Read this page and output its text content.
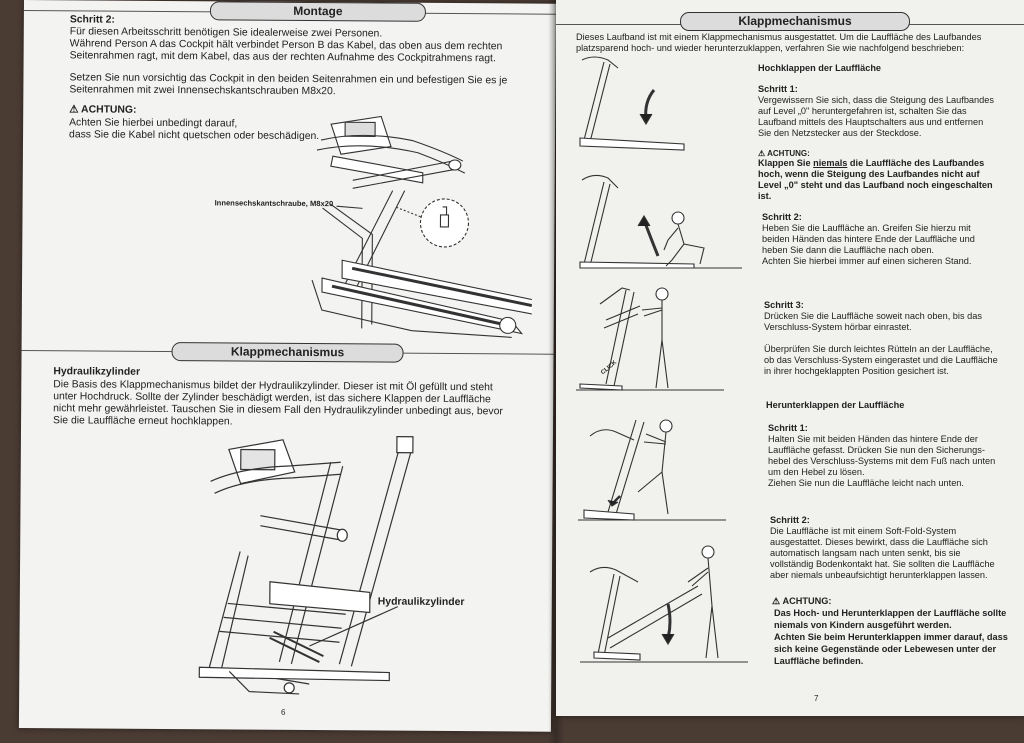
Montage
Schritt 2:
Für diesen Arbeitsschritt benötigen Sie idealerweise zwei Personen.
Während Person A das Cockpit hält verbindet Person B das Kabel, das oben aus dem rechten
Seitenrahmen ragt, mit dem Kabel, das aus der rechten Aufnahme des Cockpitrahmens ragt.
Setzen Sie nun vorsichtig das Cockpit in den beiden Seitenrahmen ein und befestigen Sie es je
Seitenrahmen mit zwei Innensechskantschrauben M8x20.
⚠ ACHTUNG:
Achten Sie hierbei unbedingt darauf,
dass Sie die Kabel nicht quetschen oder beschädigen.
Innensechskantschraube, M8x20
Klappmechanismus
Hydraulikzylinder
Die Basis des Klappmechanismus bildet der Hydraulikzylinder. Dieser ist mit Öl gefüllt und steht
unter Hochdruck. Sollte der Zylinder beschädigt werden, ist das sichere Klappen der Lauffläche
nicht mehr gewährleistet. Tauschen Sie in diesem Fall den Hydraulikzylinder unbedingt aus, bevor
Sie die Lauffläche erneut hochklappen.
Hydraulikzylinder
6
Klappmechanismus
Dieses Laufband ist mit einem Klappmechanismus ausgestattet. Um die Lauffläche des Laufbandes
platzsparend hoch- und wieder herunterzuklappen, verfahren Sie wie nachfolgend beschrieben:
Hochklappen der Lauffläche
Schritt 1:
Vergewissern Sie sich, dass die Steigung des Laufbandes
auf Level „0" heruntergefahren ist, schalten Sie das
Laufband mittels des Hauptschalters aus und entfernen
Sie den Netzstecker aus der Steckdose.
⚠ ACHTUNG:
Klappen Sie niemals die Lauffläche des Laufbandes
hoch, wenn die Steigung des Laufbandes nicht auf
Level „0" steht und das Laufband noch eingeschalten
ist.
Schritt 2:
Heben Sie die Lauffläche an. Greifen Sie hierzu mit
beiden Händen das hintere Ende der Lauffläche und
heben Sie dann die Lauffläche nach oben.
Achten Sie hierbei immer auf einen sicheren Stand.
Schritt 3:
Drücken Sie die Lauffläche soweit nach oben, bis das
Verschluss-System hörbar einrastet.
Überprüfen Sie durch leichtes Rütteln an der Lauffläche,
ob das Verschluss-System eingerastet und die Lauffläche
in ihrer hochgeklappten Position gesichert ist.
Herunterklappen der Lauffläche
Schritt 1:
Halten Sie mit beiden Händen das hintere Ende der
Lauffläche gefasst. Drücken Sie nun den Sicherungs-
hebel des Verschluss-Systems mit dem Fuß nach unten
um den Hebel zu lösen.
Ziehen Sie nun die Lauffläche leicht nach unten.
Schritt 2:
Die Lauffläche ist mit einem Soft-Fold-System
ausgestattet. Dieses bewirkt, dass die Lauffläche sich
automatisch langsam nach unten senkt, bis sie
vollständig Bodenkontakt hat. Sie sollten die Lauffläche
aber niemals unbeaufsichtigt herunterklappen lassen.
⚠ ACHTUNG:
Das Hoch- und Herunterklappen der Lauffläche sollte
niemals von Kindern ausgeführt werden.
Achten Sie beim Herunterklappen immer darauf, dass
sich keine Gegenstände oder Lebewesen unter der
Lauffläche befinden.
CLICK
7
